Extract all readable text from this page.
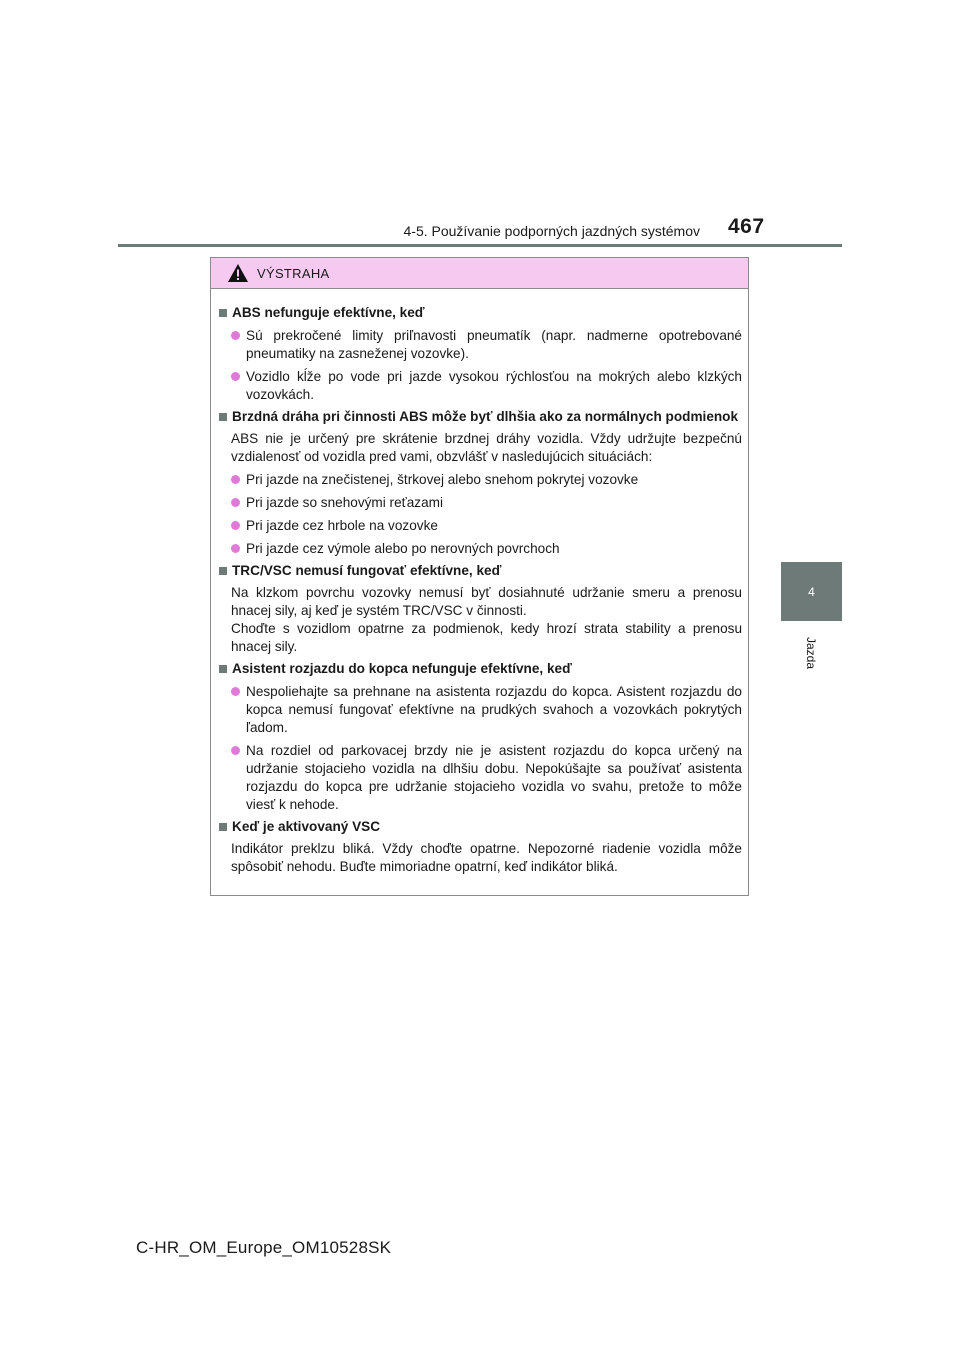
4-5. Používanie podporných jazdných systémov 467
4
Jazda
VÝSTRAHA
ABS nefunguje efektívne, keď
Sú prekročené limity priľnavosti pneumatík (napr. nadmerne opotrebované pneumatiky na zasneženej vozovke).
Vozidlo kĺže po vode pri jazde vysokou rýchlosťou na mokrých alebo klzkých vozovkách.
Brzdná dráha pri činnosti ABS môže byť dlhšia ako za normálnych podmienok
ABS nie je určený pre skrátenie brzdnej dráhy vozidla. Vždy udržujte bezpečnú vzdialenosť od vozidla pred vami, obzvlášť v nasledujúcich situáciách:
Pri jazde na znečistenej, štrkovej alebo snehom pokrytej vozovke
Pri jazde so snehovými reťazami
Pri jazde cez hrbole na vozovke
Pri jazde cez výmole alebo po nerovných povrchoch
TRC/VSC nemusí fungovať efektívne, keď
Na klzkom povrchu vozovky nemusí byť dosiahnuté udržanie smeru a prenosu hnacej sily, aj keď je systém TRC/VSC v činnosti.
Choďte s vozidlom opatrne za podmienok, kedy hrozí strata stability a prenosu hnacej sily.
Asistent rozjazdu do kopca nefunguje efektívne, keď
Nespoliehajte sa prehnane na asistenta rozjazdu do kopca. Asistent rozjazdu do kopca nemusí fungovať efektívne na prudkých svahoch a vozovkách pokrytých ľadom.
Na rozdiel od parkovacej brzdy nie je asistent rozjazdu do kopca určený na udržanie stojacieho vozidla na dlhšiu dobu. Nepokúšajte sa používať asistenta rozjazdu do kopca pre udržanie stojacieho vozidla vo svahu, pretože to môže viesť k nehode.
Keď je aktivovaný VSC
Indikátor preklzu bliká. Vždy choďte opatrne. Nepozorné riadenie vozidla môže spôsobiť nehodu. Buďte mimoriadne opatrní, keď indikátor bliká.
C-HR_OM_Europe_OM10528SK
